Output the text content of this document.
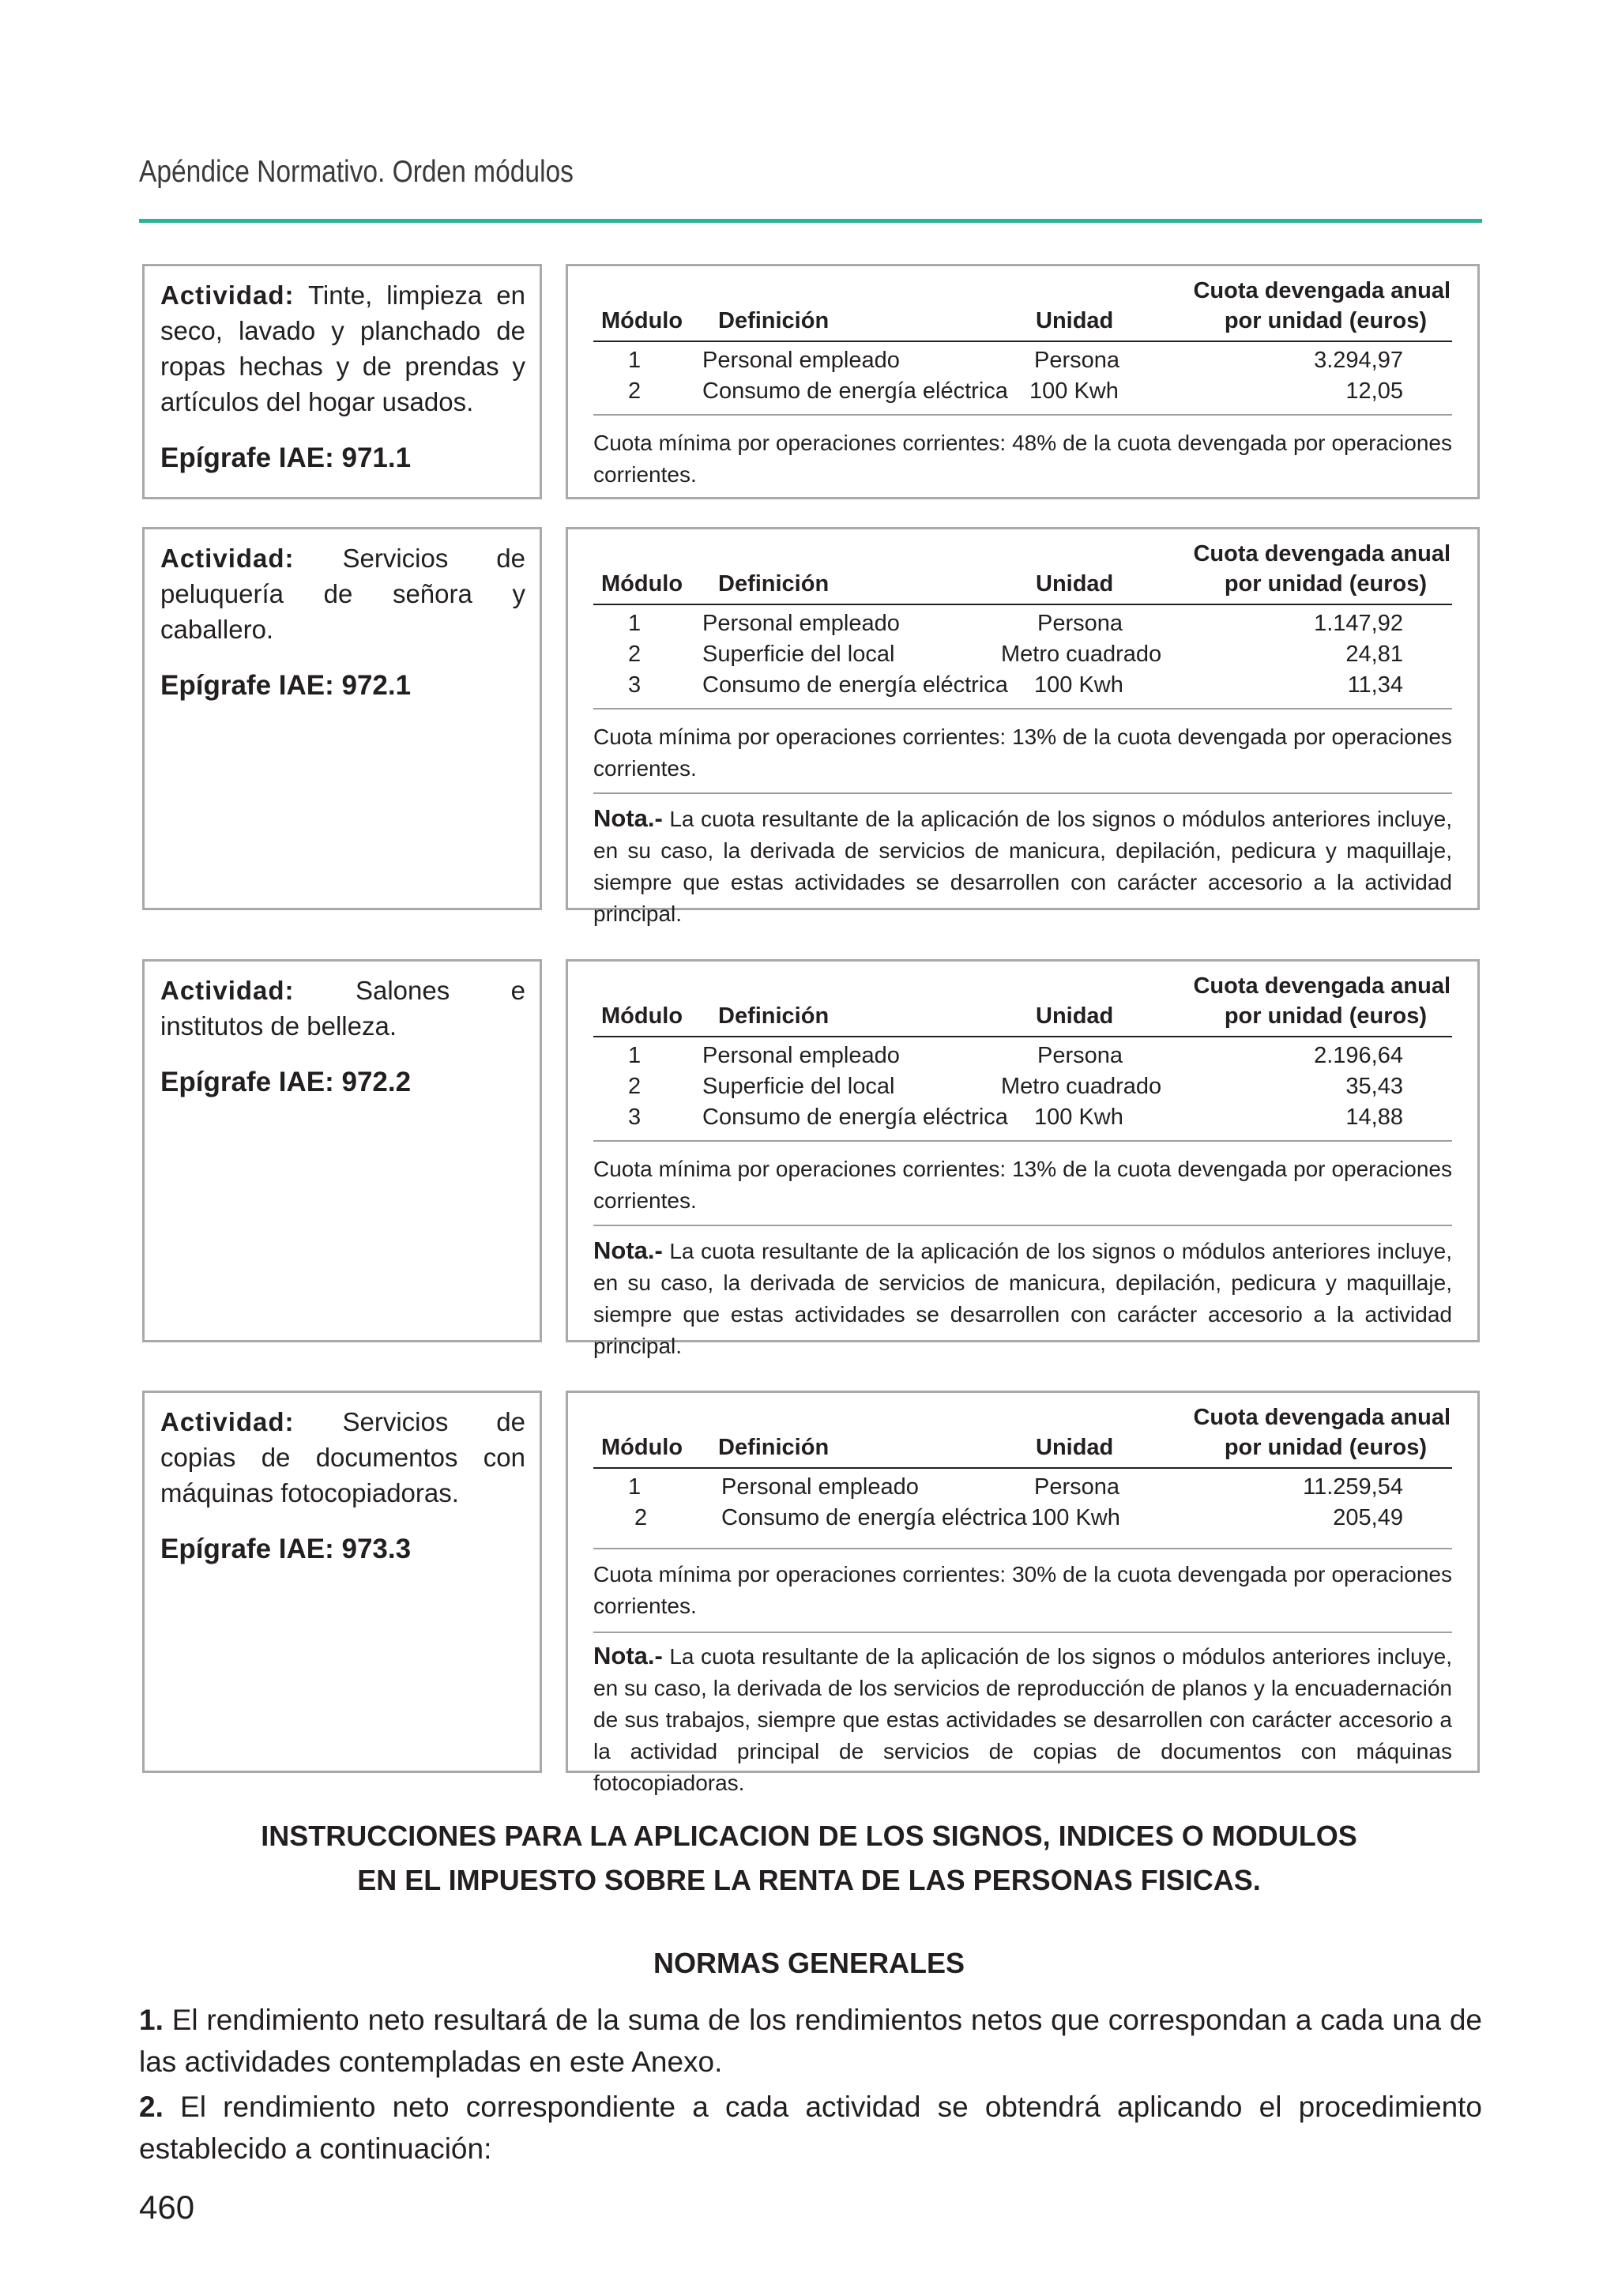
Apéndice Normativo. Orden módulos
Actividad: Tinte, limpieza en seco, lavado y planchado de ropas hechas y de prendas y artículos del hogar usados.
Epígrafe IAE: 971.1
Módulo Definición	Unidad
Cuota devengada anual
por unidad (euros)
1	Personal empleado	Persona	3.294,97
2	Consumo de energía eléctrica 100 Kwh	12,05
Cuota mínima por operaciones corrientes: 48% de la cuota devengada por operaciones corrientes.
Actividad: Servicios de peluquería de señora y caballero.
Epígrafe IAE: 972.1
Módulo Definición	Unidad
Cuota devengada anual
por unidad (euros)
1	Personal empleado	Persona	1.147,92
2	Superficie del local	Metro cuadrado	24,81
3	Consumo de energía eléctrica 100 Kwh	11,34
Cuota mínima por operaciones corrientes: 13% de la cuota devengada por operaciones corrientes.
Nota.- La cuota resultante de la aplicación de los signos o módulos anteriores incluye, en su caso, la derivada de servicios de manicura, depilación, pedicura y maquillaje, siempre que estas actividades se desarrollen con carácter accesorio a la actividad principal.
Actividad: Salones e institutos de belleza.
Epígrafe IAE: 972.2
Módulo Definición	Unidad
Cuota devengada anual
por unidad (euros)
1	Personal empleado	Persona	2.196,64
2	Superficie del local	Metro cuadrado	35,43
3	Consumo de energía eléctrica 100 Kwh	14,88
Cuota mínima por operaciones corrientes: 13% de la cuota devengada por operaciones corrientes.
Nota.- La cuota resultante de la aplicación de los signos o módulos anteriores incluye, en su caso, la derivada de servicios de manicura, depilación, pedicura y maquillaje, siempre que estas actividades se desarrollen con carácter accesorio a la actividad principal.
Actividad: Servicios de copias de documentos con máquinas fotocopiadoras.
Epígrafe IAE: 973.3
Módulo Definición	Unidad
Cuota devengada anual
por unidad (euros)
1	Personal empleado	Persona	11.259,54
2	Consumo de energía eléctrica 100 Kwh	205,49
Cuota mínima por operaciones corrientes: 30% de la cuota devengada por operaciones corrientes.
Nota.- La cuota resultante de la aplicación de los signos o módulos anteriores incluye, en su caso, la derivada de los servicios de reproducción de planos y la encuadernación de sus trabajos, siempre que estas actividades se desarrollen con carácter accesorio a la actividad principal de servicios de copias de documentos con máquinas fotocopiadoras.
INSTRUCCIONES PARA LA APLICACION DE LOS SIGNOS, INDICES O MODULOS
EN EL IMPUESTO SOBRE LA RENTA DE LAS PERSONAS FISICAS.
NORMAS GENERALES
1. El rendimiento neto resultará de la suma de los rendimientos netos que correspondan a cada una de las actividades contempladas en este Anexo.
2. El rendimiento neto correspondiente a cada actividad se obtendrá aplicando el procedimiento establecido a continuación:
460
